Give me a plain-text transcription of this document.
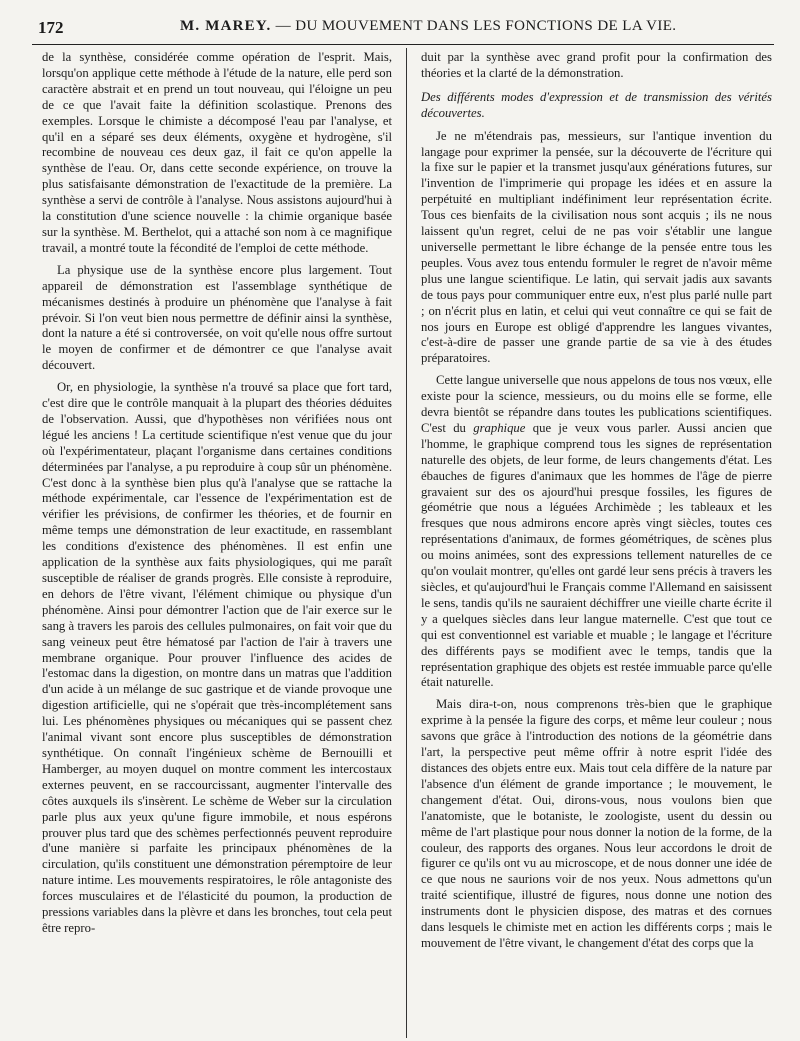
172	M. MAREY. — DU MOUVEMENT DANS LES FONCTIONS DE LA VIE.

de la synthèse, considérée comme opération de l'esprit. Mais, lorsqu'on applique cette méthode à l'étude de la nature, elle perd son caractère abstrait et en prend un tout nouveau, qui l'éloigne un peu de ce que l'avait faite la définition scolastique. Prenons des exemples. Lorsque le chimiste a décomposé l'eau par l'analyse, et qu'il en a séparé ses deux éléments, oxygène et hydrogène, s'il recombine de nouveau ces deux gaz, il fait ce qu'on appelle la synthèse de l'eau. Or, dans cette seconde expérience, on trouve la plus satisfaisante démonstration de l'exactitude de la première. La synthèse a servi de contrôle à l'analyse. Nous assistons aujourd'hui à la constitution d'une science nouvelle : la chimie organique basée sur la synthèse. M. Berthelot, qui a attaché son nom à ce magnifique travail, a montré toute la fécondité de l'emploi de cette méthode.

La physique use de la synthèse encore plus largement. Tout appareil de démonstration est l'assemblage synthétique de mécanismes destinés à produire un phénomène que l'analyse à fait prévoir. Si l'on veut bien nous permettre de définir ainsi la synthèse, dont la nature a été si controversée, on voit qu'elle nous offre surtout le moyen de confirmer et de démontrer ce que l'analyse avait découvert.

Or, en physiologie, la synthèse n'a trouvé sa place que fort tard, c'est dire que le contrôle manquait à la plupart des théories déduites de l'observation. Aussi, que d'hypothèses non vérifiées nous ont légué les anciens ! La certitude scientifique n'est venue que du jour où l'expérimentateur, plaçant l'organisme dans certaines conditions déterminées par l'analyse, a pu reproduire à coup sûr un phénomène. C'est donc à la synthèse bien plus qu'à l'analyse que se rattache la méthode expérimentale, car l'essence de l'expérimentation est de vérifier les prévisions, de confirmer les théories, et de fournir en même temps une démonstration de leur exactitude, en rassemblant les conditions d'existence des phénomènes. Il est enfin une application de la synthèse aux faits physiologiques, qui me paraît susceptible de réaliser de grands progrès. Elle consiste à reproduire, en dehors de l'être vivant, l'élément chimique ou physique d'un phénomène. Ainsi pour démontrer l'action que de l'air exerce sur le sang à travers les parois des cellules pulmonaires, on fait voir que du sang veineux peut être hématosé par l'action de l'air à travers une membrane organique. Pour prouver l'influence des acides de l'estomac dans la digestion, on montre dans un matras que l'addition d'un acide à un mélange de suc gastrique et de viande provoque une digestion artificielle, qui ne s'opérait que très-incomplétement sans lui. Les phénomènes physiques ou mécaniques qui se passent chez l'animal vivant sont encore plus susceptibles de démonstration synthétique. On connaît l'ingénieux schème de Bernouilli et Hamberger, au moyen duquel on montre comment les intercostaux externes peuvent, en se raccourcissant, augmenter l'intervalle des côtes auxquels ils s'insèrent. Le schème de Weber sur la circulation parle plus aux yeux qu'une figure immobile, et nous espérons prouver plus tard que des schèmes perfectionnés peuvent reproduire d'une manière si parfaite les principaux phénomènes de la circulation, qu'ils constituent une démonstration péremptoire de leur nature intime. Les mouvements respiratoires, le rôle antagoniste des forces musculaires et de l'élasticité du poumon, la production de pressions variables dans la plèvre et dans les bronches, tout cela peut être repro-

duit par la synthèse avec grand profit pour la confirmation des théories et la clarté de la démonstration.

Des différents modes d'expression et de transmission des vérités découvertes.

Je ne m'étendrais pas, messieurs, sur l'antique invention du langage pour exprimer la pensée, sur la découverte de l'écriture qui la fixe sur le papier et la transmet jusqu'aux générations futures, sur l'invention de l'imprimerie qui propage les idées et en assure la perpétuité en multipliant indéfiniment leur représentation écrite. Tous ces bienfaits de la civilisation nous sont acquis ; ils ne nous laissent qu'un regret, celui de ne pas voir s'établir une langue universelle permettant le libre échange de la pensée entre tous les peuples. Vous avez tous entendu formuler le regret de n'avoir même plus une langue scientifique. Le latin, qui servait jadis aux savants de tous pays pour communiquer entre eux, n'est plus parlé nulle part ; on n'écrit plus en latin, et celui qui veut connaître ce qui se fait de nos jours en Europe est obligé d'apprendre les langues vivantes, c'est-à-dire de passer une grande partie de sa vie à des études préparatoires.

Cette langue universelle que nous appelons de tous nos vœux, elle existe pour la science, messieurs, ou du moins elle se forme, elle devra bientôt se répandre dans toutes les publications scientifiques. C'est du graphique que je veux vous parler. Aussi ancien que l'homme, le graphique comprend tous les signes de représentation naturelle des objets, de leur forme, de leurs changements d'état. Les ébauches de figures d'animaux que les hommes de l'âge de pierre gravaient sur des os ajourd'hui presque fossiles, les figures de géométrie que nous a léguées Archimède ; les tableaux et les fresques que nous admirons encore après vingt siècles, toutes ces représentations d'animaux, de formes géométriques, de scènes plus ou moins animées, sont des expressions tellement naturelles de ce qu'on voulait montrer, qu'elles ont gardé leur sens précis à travers les siècles, et qu'aujourd'hui le Français comme l'Allemand en saisissent le sens, tandis qu'ils ne sauraient déchiffrer une vieille charte écrite il y a quelques siècles dans leur langue maternelle. C'est que tout ce qui est conventionnel est variable et muable ; le langage et l'écriture des différents pays se modifient avec le temps, tandis que la représentation graphique des objets est restée immuable parce qu'elle était naturelle.

Mais dira-t-on, nous comprenons très-bien que le graphique exprime à la pensée la figure des corps, et même leur couleur ; nous savons que grâce à l'introduction des notions de la géométrie dans l'art, la perspective peut même offrir à notre esprit l'idée des distances des objets entre eux. Mais tout cela diffère de la nature par l'absence d'un élément de grande importance ; le mouvement, le changement d'état. Oui, dirons-vous, nous voulons bien que l'anatomiste, que le botaniste, le zoologiste, usent du dessin ou même de l'art plastique pour nous donner la notion de la forme, de la couleur, des rapports des organes. Nous leur accordons le droit de figurer ce qu'ils ont vu au microscope, et de nous donner une idée de ce que nous ne saurions voir de nos yeux. Nous admettons qu'un traité scientifique, illustré de figures, nous donne une notion des instruments dont le physicien dispose, des matras et des cornues dans lesquels le chimiste met en action les différents corps ; mais le mouvement de l'être vivant, le changement d'état des corps que la
